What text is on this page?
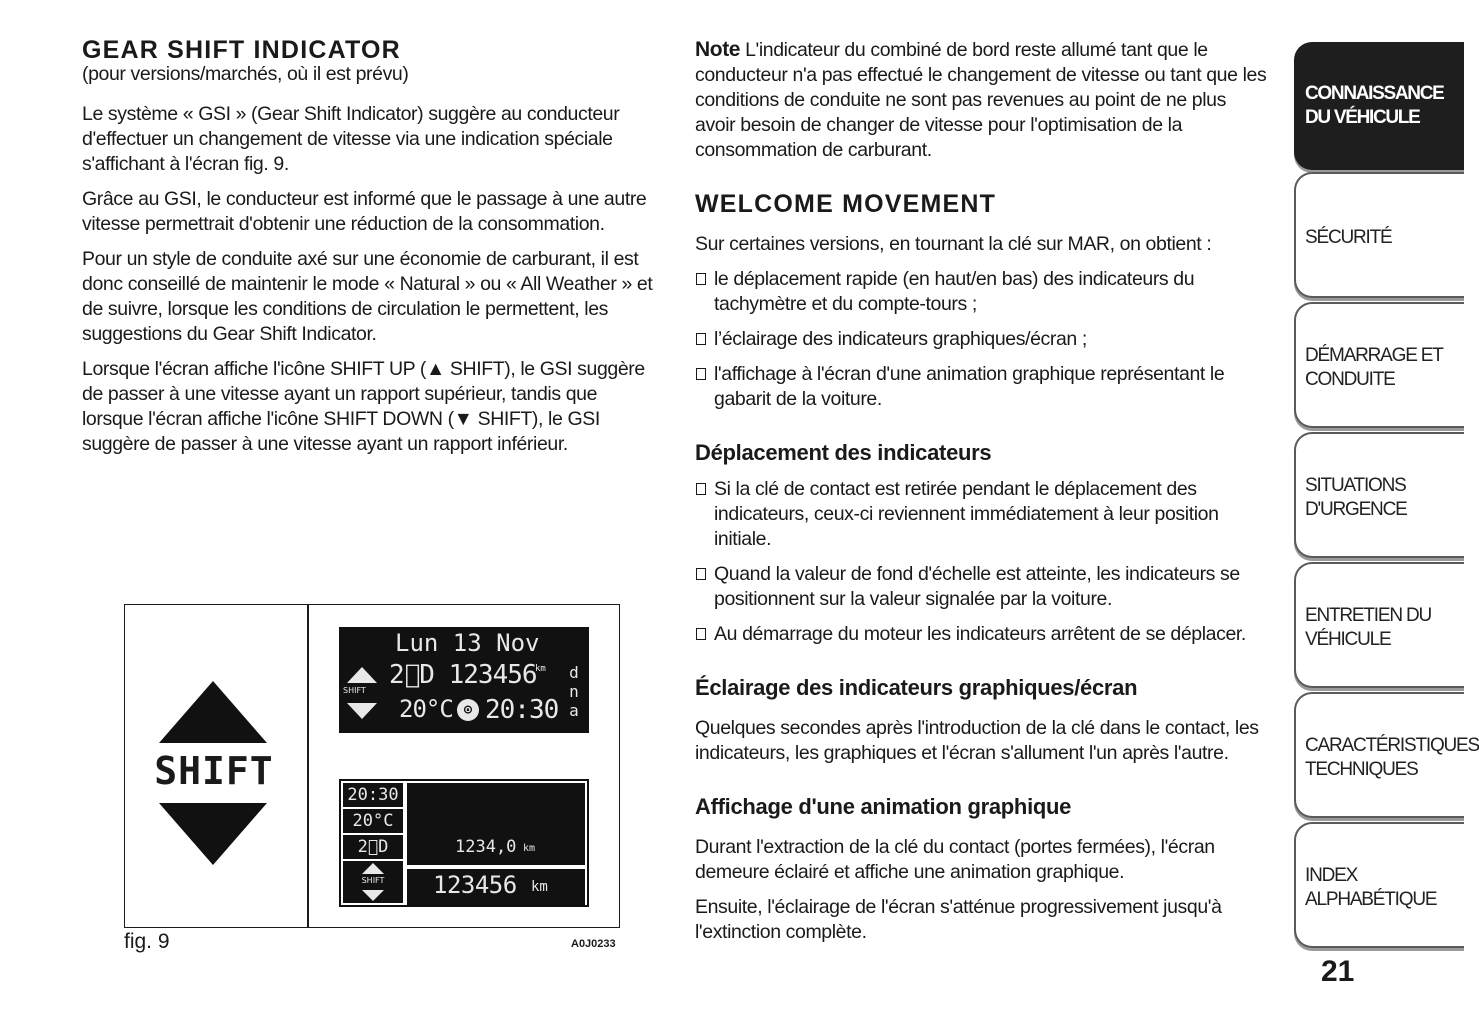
GEAR SHIFT INDICATOR

(pour versions/marchés, où il est prévu)

Le système « GSI » (Gear Shift Indicator) suggère au conducteur d'effectuer un changement de vitesse via une indication spéciale s'affichant à l'écran fig. 9.

Grâce au GSI, le conducteur est informé que le passage à une autre vitesse permettrait d'obtenir une réduction de la consommation.

Pour un style de conduite axé sur une économie de carburant, il est donc conseillé de maintenir le mode « Natural » ou « All Weather » et de suivre, lorsque les conditions de circulation le permettent, les suggestions du Gear Shift Indicator.

Lorsque l'écran affiche l'icône SHIFT UP (▲ SHIFT), le GSI suggère de passer à une vitesse ayant un rapport supérieur, tandis que lorsque l'écran affiche l'icône SHIFT DOWN (▼ SHIFT), le GSI suggère de passer à une vitesse ayant un rapport inférieur.

SHIFT
Lun 13 Nov
SHIFT
2⃝D 123456
km
20°C ⊙ 20:30
d
n
a
20:30
20°C
2⃝D
SHIFT
1234,0 km
123456 km
fig. 9	A0J0233

Note L'indicateur du combiné de bord reste allumé tant que le conducteur n'a pas effectué le changement de vitesse ou tant que les conditions de conduite ne sont pas revenues au point de ne plus avoir besoin de changer de vitesse pour l'optimisation de la consommation de carburant.

WELCOME MOVEMENT

Sur certaines versions, en tournant la clé sur MAR, on obtient :

le déplacement rapide (en haut/en bas) des indicateurs du tachymètre et du compte-tours ;
l’éclairage des indicateurs graphiques/écran ;
l'affichage à l'écran d'une animation graphique représentant le gabarit de la voiture.
Déplacement des indicateurs
Si la clé de contact est retirée pendant le déplacement des indicateurs, ceux-ci reviennent immédiatement à leur position initiale.
Quand la valeur de fond d'échelle est atteinte, les indicateurs se positionnent sur la valeur signalée par la voiture.
Au démarrage du moteur les indicateurs arrêtent de se déplacer.
Éclairage des indicateurs graphiques/écran

Quelques secondes après l'introduction de la clé dans le contact, les indicateurs, les graphiques et l'écran s'allument l'un après l'autre.

Affichage d'une animation graphique

Durant l'extraction de la clé du contact (portes fermées), l'écran demeure éclairé et affiche une animation graphique.

Ensuite, l'éclairage de l'écran s'atténue progressivement jusqu'à l'extinction complète.

CONNAISSANCE
DU VÉHICULE
SÉCURITÉ
DÉMARRAGE ET
CONDUITE
SITUATIONS
D'URGENCE
ENTRETIEN DU
VÉHICULE
CARACTÉRISTIQUES
TECHNIQUES
INDEX
ALPHABÉTIQUE
21
